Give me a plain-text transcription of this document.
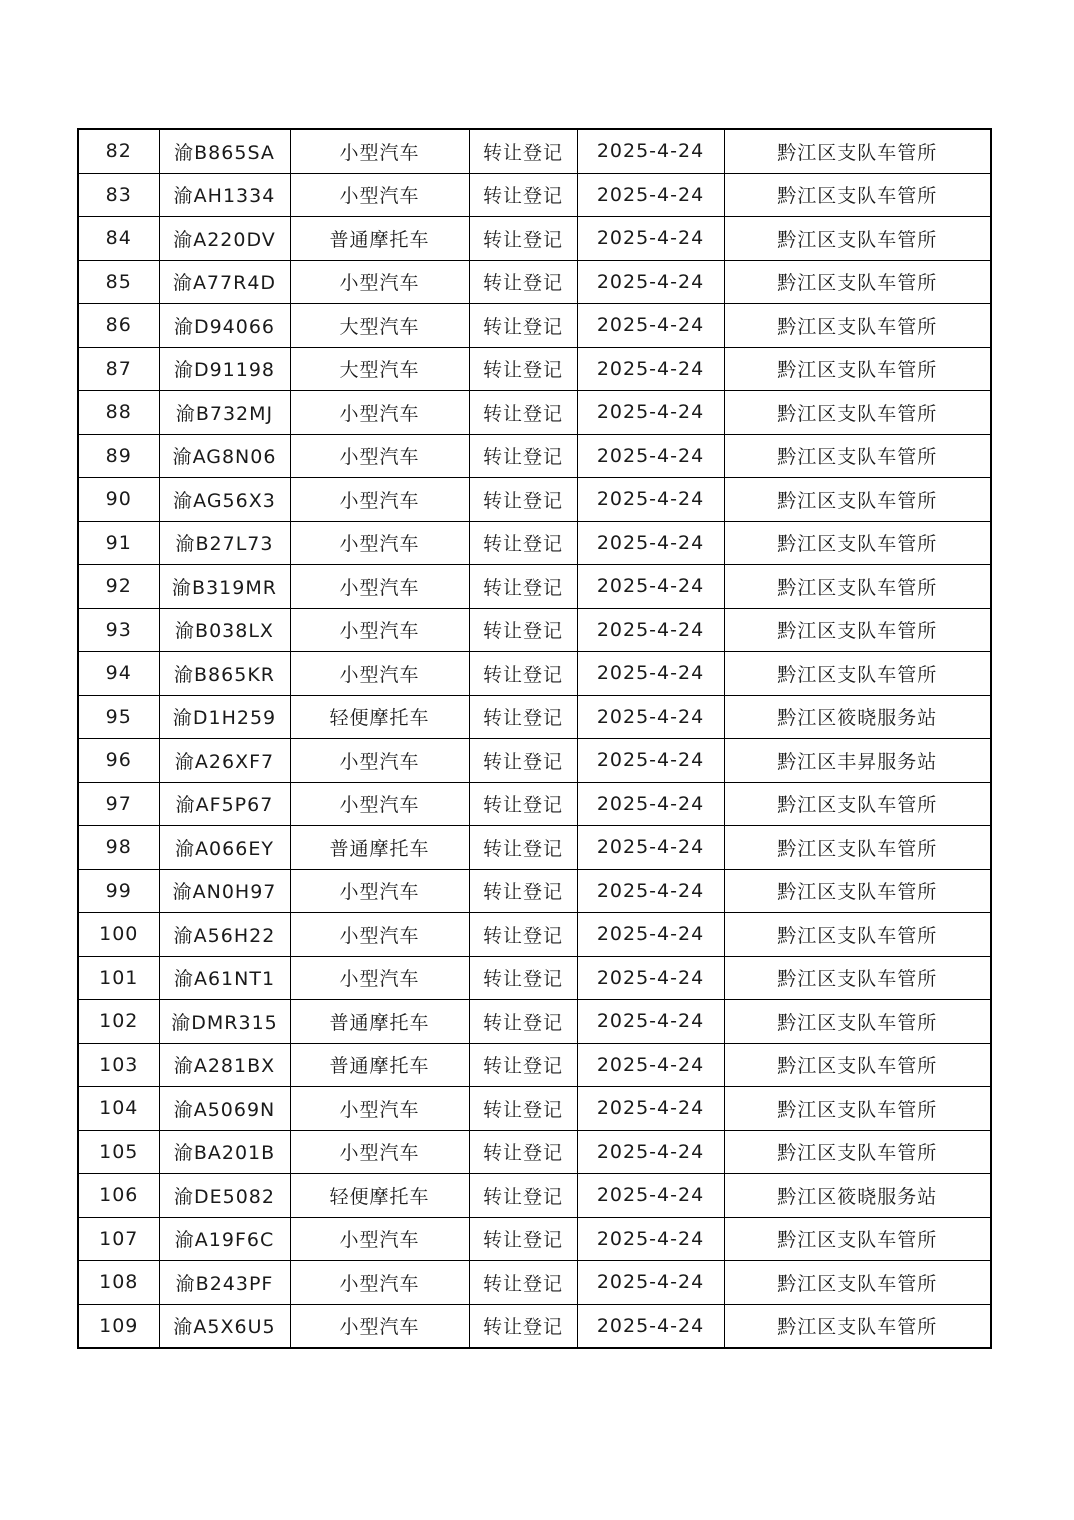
82	渝B865SA	小型汽车	转让登记	2025-4-24	黔江区支队车管所
83	渝AH1334	小型汽车	转让登记	2025-4-24	黔江区支队车管所
84	渝A220DV	普通摩托车	转让登记	2025-4-24	黔江区支队车管所
85	渝A77R4D	小型汽车	转让登记	2025-4-24	黔江区支队车管所
86	渝D94066	大型汽车	转让登记	2025-4-24	黔江区支队车管所
87	渝D91198	大型汽车	转让登记	2025-4-24	黔江区支队车管所
88	渝B732MJ	小型汽车	转让登记	2025-4-24	黔江区支队车管所
89	渝AG8N06	小型汽车	转让登记	2025-4-24	黔江区支队车管所
90	渝AG56X3	小型汽车	转让登记	2025-4-24	黔江区支队车管所
91	渝B27L73	小型汽车	转让登记	2025-4-24	黔江区支队车管所
92	渝B319MR	小型汽车	转让登记	2025-4-24	黔江区支队车管所
93	渝B038LX	小型汽车	转让登记	2025-4-24	黔江区支队车管所
94	渝B865KR	小型汽车	转让登记	2025-4-24	黔江区支队车管所
95	渝D1H259	轻便摩托车	转让登记	2025-4-24	黔江区筱晓服务站
96	渝A26XF7	小型汽车	转让登记	2025-4-24	黔江区丰昇服务站
97	渝AF5P67	小型汽车	转让登记	2025-4-24	黔江区支队车管所
98	渝A066EY	普通摩托车	转让登记	2025-4-24	黔江区支队车管所
99	渝AN0H97	小型汽车	转让登记	2025-4-24	黔江区支队车管所
100	渝A56H22	小型汽车	转让登记	2025-4-24	黔江区支队车管所
101	渝A61NT1	小型汽车	转让登记	2025-4-24	黔江区支队车管所
102	渝DMR315	普通摩托车	转让登记	2025-4-24	黔江区支队车管所
103	渝A281BX	普通摩托车	转让登记	2025-4-24	黔江区支队车管所
104	渝A5069N	小型汽车	转让登记	2025-4-24	黔江区支队车管所
105	渝BA201B	小型汽车	转让登记	2025-4-24	黔江区支队车管所
106	渝DE5082	轻便摩托车	转让登记	2025-4-24	黔江区筱晓服务站
107	渝A19F6C	小型汽车	转让登记	2025-4-24	黔江区支队车管所
108	渝B243PF	小型汽车	转让登记	2025-4-24	黔江区支队车管所
109	渝A5X6U5	小型汽车	转让登记	2025-4-24	黔江区支队车管所
